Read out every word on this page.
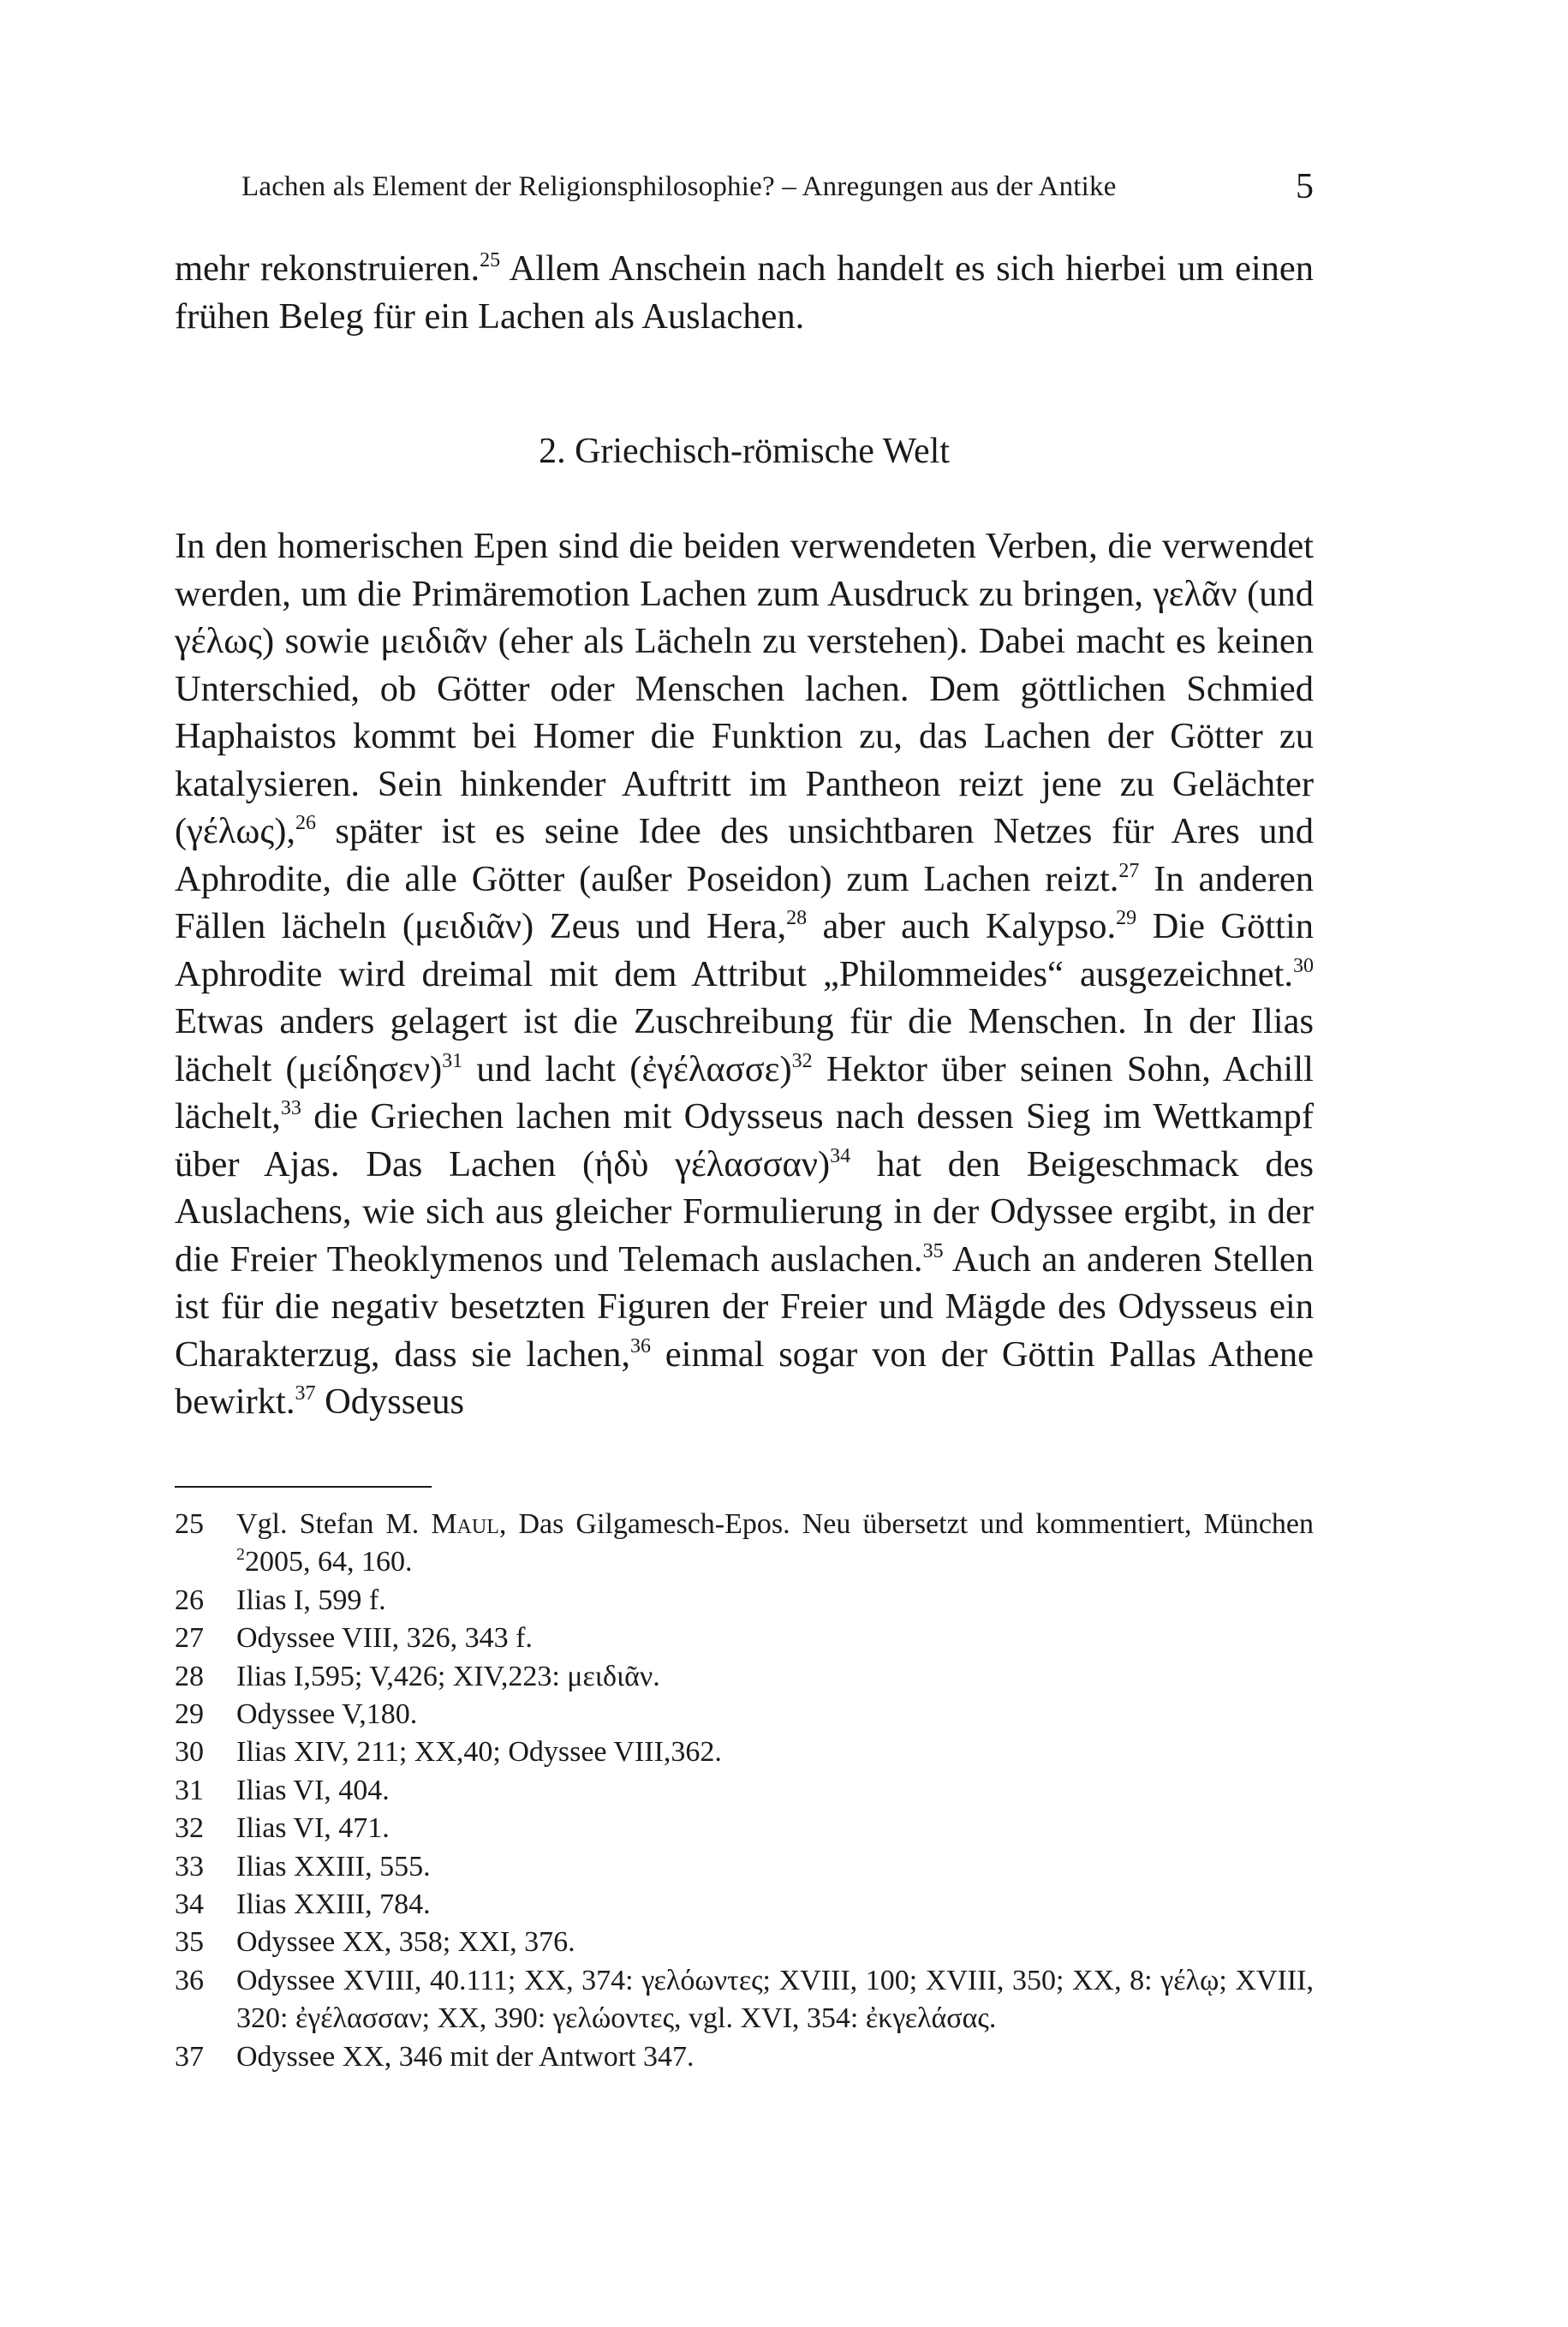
Lachen als Element der Religionsphilosophie? – Anregungen aus der Antike	5

mehr rekonstruieren.$^{25}$ Allem Anschein nach handelt es sich hierbei um einen frühen Beleg für ein Lachen als Auslachen.

2. Griechisch-römische Welt

In den homerischen Epen sind die beiden verwendeten Verben, die verwendet werden, um die Primäremotion Lachen zum Ausdruck zu bringen, γελᾶν (und γέλως) sowie μειδιᾶν (eher als Lächeln zu verstehen). Dabei macht es keinen Unterschied, ob Götter oder Menschen lachen. Dem göttlichen Schmied Haphaistos kommt bei Homer die Funktion zu, das Lachen der Götter zu katalysieren. Sein hinkender Auftritt im Pantheon reizt jene zu Gelächter (γέλως),$^{26}$ später ist es seine Idee des unsichtbaren Netzes für Ares und Aphrodite, die alle Götter (außer Poseidon) zum Lachen reizt.$^{27}$ In anderen Fällen lächeln (μειδιᾶν) Zeus und Hera,$^{28}$ aber auch Kalypso.$^{29}$ Die Göttin Aphrodite wird dreimal mit dem Attribut „Philommeides“ ausgezeichnet.$^{30}$ Etwas anders gelagert ist die Zuschreibung für die Menschen. In der Ilias lächelt $(\mu\varepsilon ί\delta\eta\sigma\varepsilon\nu)^{31}$ und lacht (ἐγέλασσε)$^{32}$ Hektor über seinen Sohn, Achill lächelt,$^{33}$ die Griechen lachen mit Odysseus nach dessen Sieg im Wettkampf über Ajas. Das Lachen (ἡδὺ γέλασσαν)$^{34}$ hat den Beigeschmack des Auslachens, wie sich aus gleicher Formulierung in der Odyssee ergibt, in der die Freier Theoklymenos und Telemach auslachen.$^{35}$ Auch an anderen Stellen ist für die negativ besetzten Figuren der Freier und Mägde des Odysseus ein Charakterzug, dass sie lachen,$^{36}$ einmal sogar von der Göttin Pallas Athene bewirkt.$^{37}$ Odysseus

25 Vgl. Stefan M. Maul, Das Gilgamesch-Epos. Neu übersetzt und kommentiert, München $^2$2005, 64, 160.
26 Ilias I, 599 f.
27 Odyssee VIII, 326, 343 f.
28 Ilias I,595; V,426; XIV,223: μειδιᾶν.
29 Odyssee V,180.
30 Ilias XIV, 211; XX,40; Odyssee VIII,362.
31 Ilias VI, 404.
32 Ilias VI, 471.
33 Ilias XXIII, 555.
34 Ilias XXIII, 784.
35 Odyssee XX, 358; XXI, 376.
36 Odyssee XVIII, 40.111; XX, 374: γελόωντες; XVIII, 100; XVIII, 350; XX, 8: γέλῳ; XVIII, 320: ἐγέλασσαν; XX, 390: γελώοντες, vgl. XVI, 354: ἐκγελάσας.
37 Odyssee XX, 346 mit der Antwort 347.
